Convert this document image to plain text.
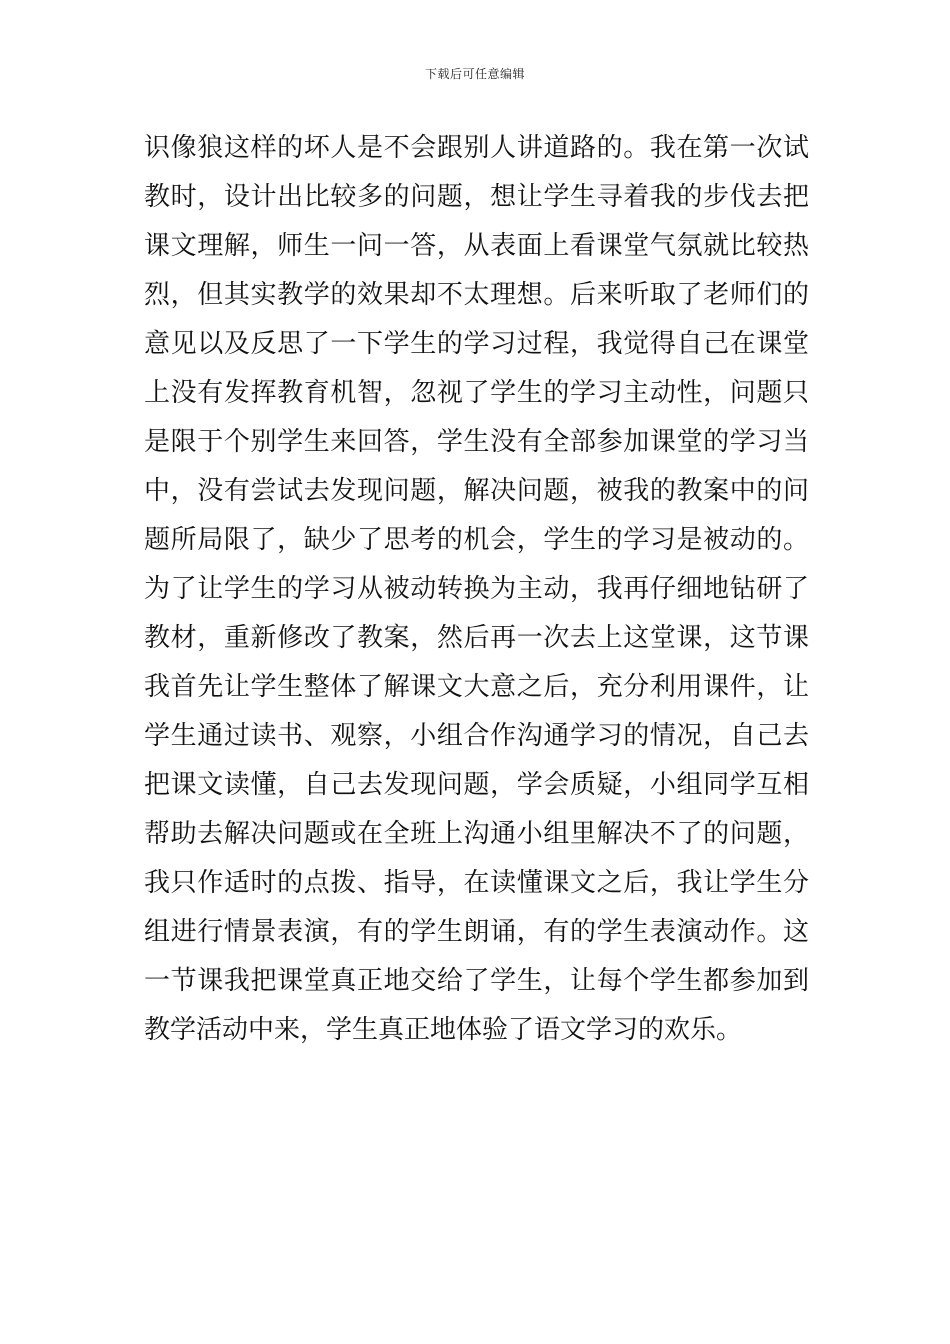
下载后可任意编辑
识像狼这样的坏人是不会跟别人讲道路的。我在第一次试
教时，设计出比较多的问题，想让学生寻着我的步伐去把
课文理解，师生一问一答，从表面上看课堂气氛就比较热
烈，但其实教学的效果却不太理想。后来听取了老师们的
意见以及反思了一下学生的学习过程，我觉得自己在课堂
上没有发挥教育机智，忽视了学生的学习主动性，问题只
是限于个别学生来回答，学生没有全部参加课堂的学习当
中，没有尝试去发现问题，解决问题，被我的教案中的问
题所局限了，缺少了思考的机会，学生的学习是被动的。
为了让学生的学习从被动转换为主动，我再仔细地钻研了
教材，重新修改了教案，然后再一次去上这堂课，这节课
我首先让学生整体了解课文大意之后，充分利用课件，让
学生通过读书、观察，小组合作沟通学习的情况，自己去
把课文读懂，自己去发现问题，学会质疑，小组同学互相
帮助去解决问题或在全班上沟通小组里解决不了的问题，
我只作适时的点拨、指导，在读懂课文之后，我让学生分
组进行情景表演，有的学生朗诵，有的学生表演动作。这
一节课我把课堂真正地交给了学生，让每个学生都参加到
教学活动中来，学生真正地体验了语文学习的欢乐。
